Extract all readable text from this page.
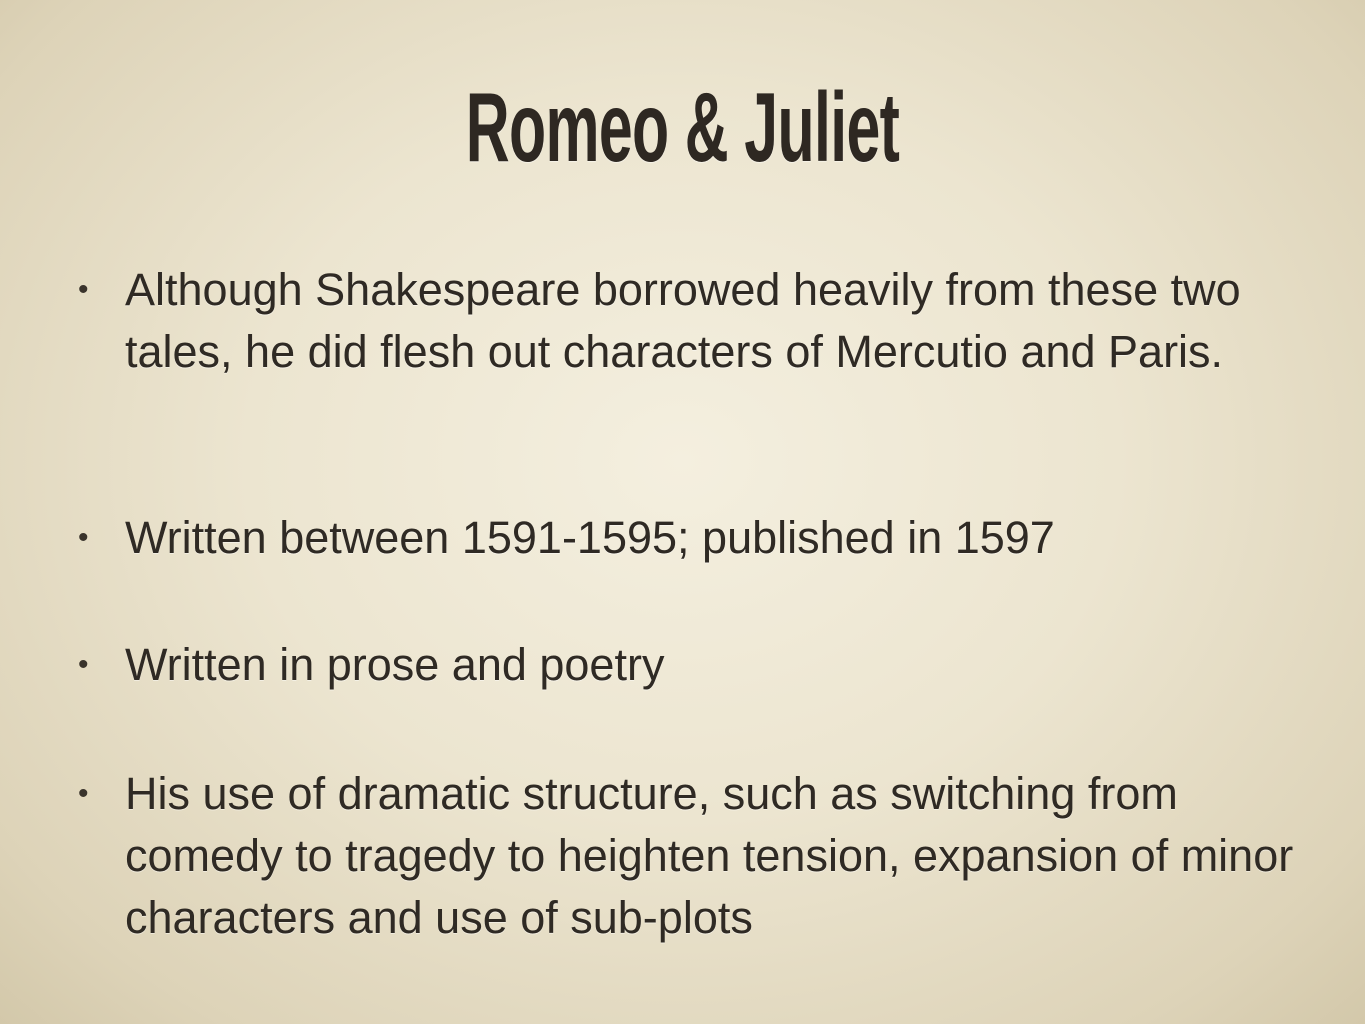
Romeo & Juliet
• Although Shakespeare borrowed heavily from these two tales, he did flesh out characters of Mercutio and Paris.
• Written between 1591-1595; published in 1597
• Written in prose and poetry
• His use of dramatic structure, such as switching from comedy to tragedy to heighten tension, expansion of minor characters and use of sub-plots
